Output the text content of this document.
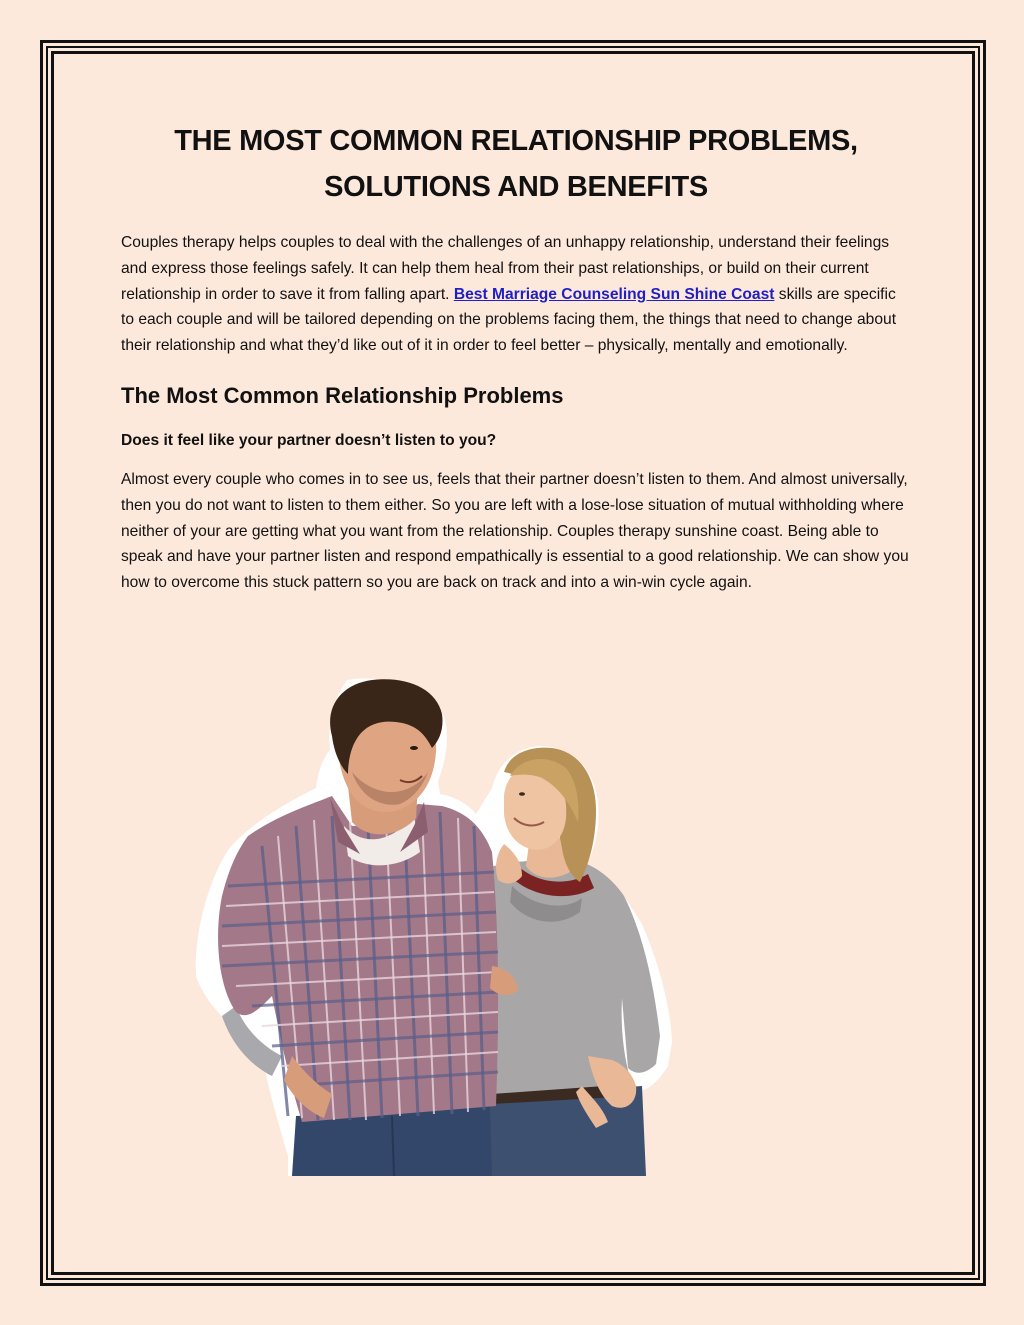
THE MOST COMMON RELATIONSHIP PROBLEMS,
SOLUTIONS AND BENEFITS

Couples therapy helps couples to deal with the challenges of an unhappy relationship, understand their feelings and express those feelings safely. It can help them heal from their past relationships, or build on their current relationship in order to save it from falling apart. Best Marriage Counseling Sun Shine Coast skills are specific to each couple and will be tailored depending on the problems facing them, the things that need to change about their relationship and what they’d like out of it in order to feel better – physically, mentally and emotionally.

The Most Common Relationship Problems

Does it feel like your partner doesn’t listen to you?

Almost every couple who comes in to see us, feels that their partner doesn’t listen to them. And almost universally, then you do not want to listen to them either. So you are left with a lose-lose situation of mutual withholding where neither of your are getting what you want from the relationship. Couples therapy sunshine coast. Being able to speak and have your partner listen and respond empathically is essential to a good relationship. We can show you how to overcome this stuck pattern so you are back on track and into a win-win cycle again.
